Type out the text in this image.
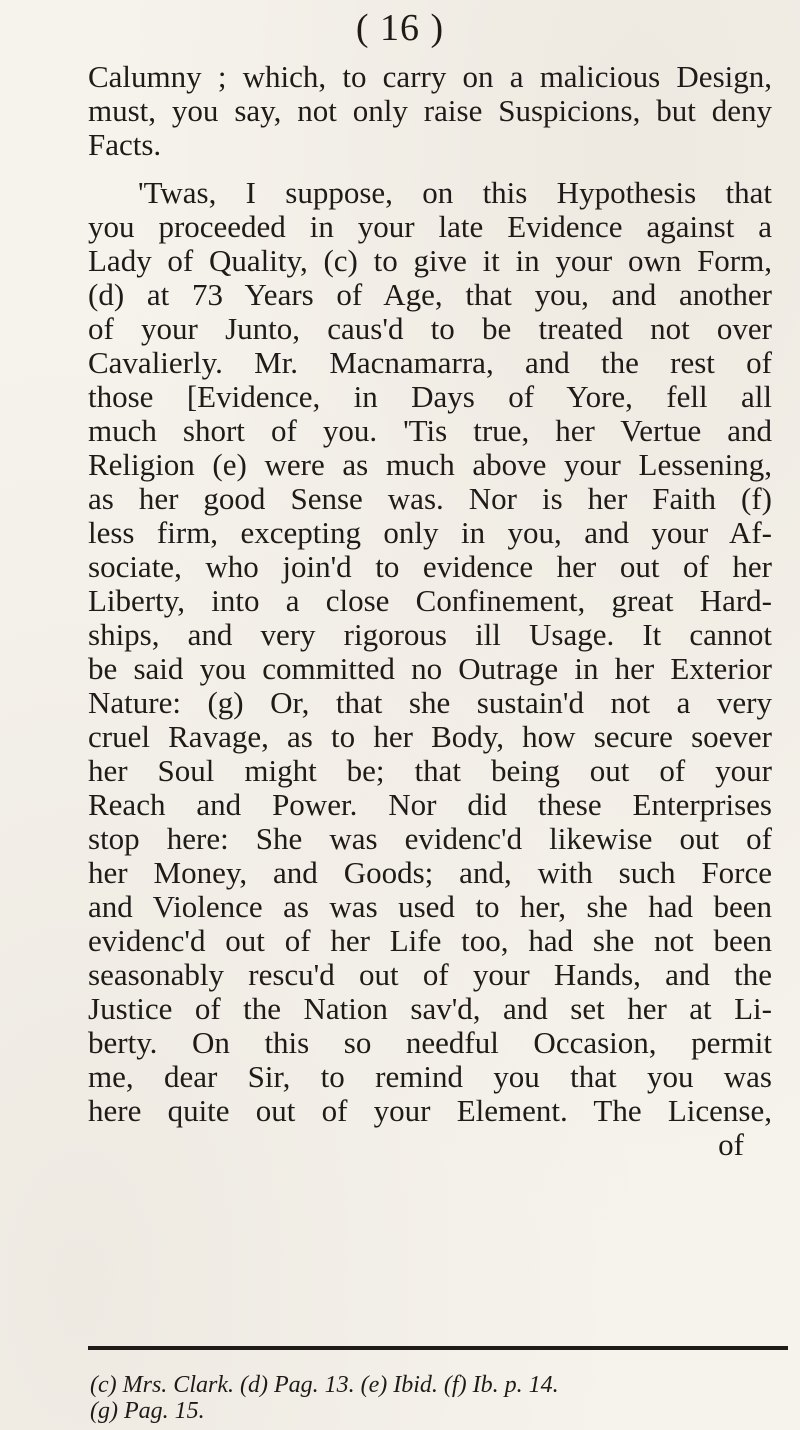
( 16 )
Calumny ; which, to carry on a malicious Design,
must, you say, not only raise Suspicions, but deny
Facts.
'Twas, I suppose, on this Hypothesis that
you proceeded in your late Evidence against a
Lady of Quality, (c) to give it in your own Form,
(d) at 73 Years of Age, that you, and another
of your Junto, caus'd to be treated not over
Cavalierly. Mr. Macnamarra, and the rest of
those [Evidence, in Days of Yore, fell all
much short of you. 'Tis true, her Vertue and
Religion (e) were as much above your Lessening,
as her good Sense was. Nor is her Faith (f)
less firm, excepting only in you, and your Af-
sociate, who join'd to evidence her out of her
Liberty, into a close Confinement, great Hard-
ships, and very rigorous ill Usage. It cannot
be said you committed no Outrage in her Exterior
Nature: (g) Or, that she sustain'd not a very
cruel Ravage, as to her Body, how secure soever
her Soul might be; that being out of your
Reach and Power. Nor did these Enterprises
stop here: She was evidenc'd likewise out of
her Money, and Goods; and, with such Force
and Violence as was used to her, she had been
evidenc'd out of her Life too, had she not been
seasonably rescu'd out of your Hands, and the
Justice of the Nation sav'd, and set her at Li-
berty. On this so needful Occasion, permit
me, dear Sir, to remind you that you was
here quite out of your Element. The License,
of
(c) Mrs. Clark. (d) Pag. 13. (e) Ibid. (f) Ib. p. 14.
(g) Pag. 15.
